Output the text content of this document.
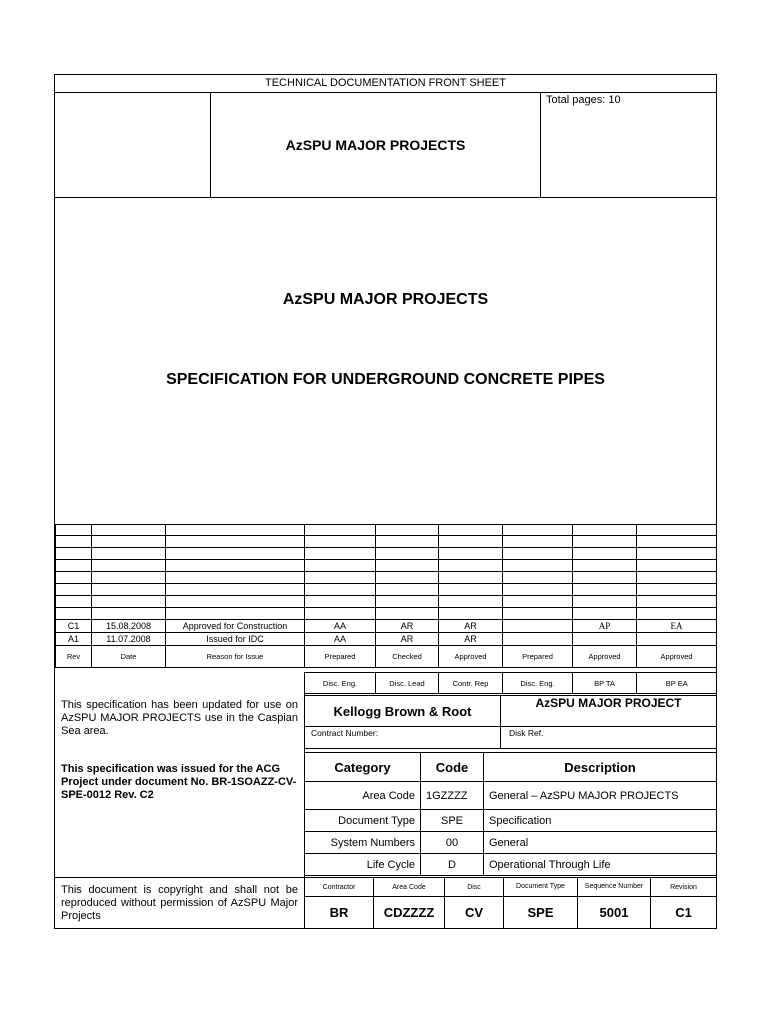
TECHNICAL DOCUMENTATION FRONT SHEET
Total pages: 10
AzSPU MAJOR PROJECTS
AzSPU MAJOR PROJECTS
SPECIFICATION FOR UNDERGROUND CONCRETE PIPES

C1	15.08.2008	Approved for Construction	AA	AR	AR		AP	EA
A1	11.07.2008	Issued for IDC	AA	AR	AR			
Rev	Date	Reason for Issue	Prepared	Checked	Approved	Prepared	Approved	Approved
Disc. Eng.	Disc. Lead	Contr. Rep	Disc. Eng.	BP TA	BP EA
This specification has been updated for use on AzSPU MAJOR PROJECTS use in the Caspian Sea area.
This specification was issued for the ACG Project under document No. BR-1SOAZZ-CV-SPE-0012 Rev. C2
This document is copyright and shall not be reproduced without permission of AzSPU Major Projects
Kellogg Brown & Root
AzSPU MAJOR PROJECT
Contract Number:	Disk Ref.
Category	Code	Description
Area Code	1GZZZZ	General – AzSPU MAJOR PROJECTS
Document Type	SPE	Specification
System Numbers	00	General
Life Cycle	D	Operational Through Life
Contractor	Area Code	Disc	Document Type	Sequence Number	Revision
BR	CDZZZZ	CV	SPE	5001	C1
